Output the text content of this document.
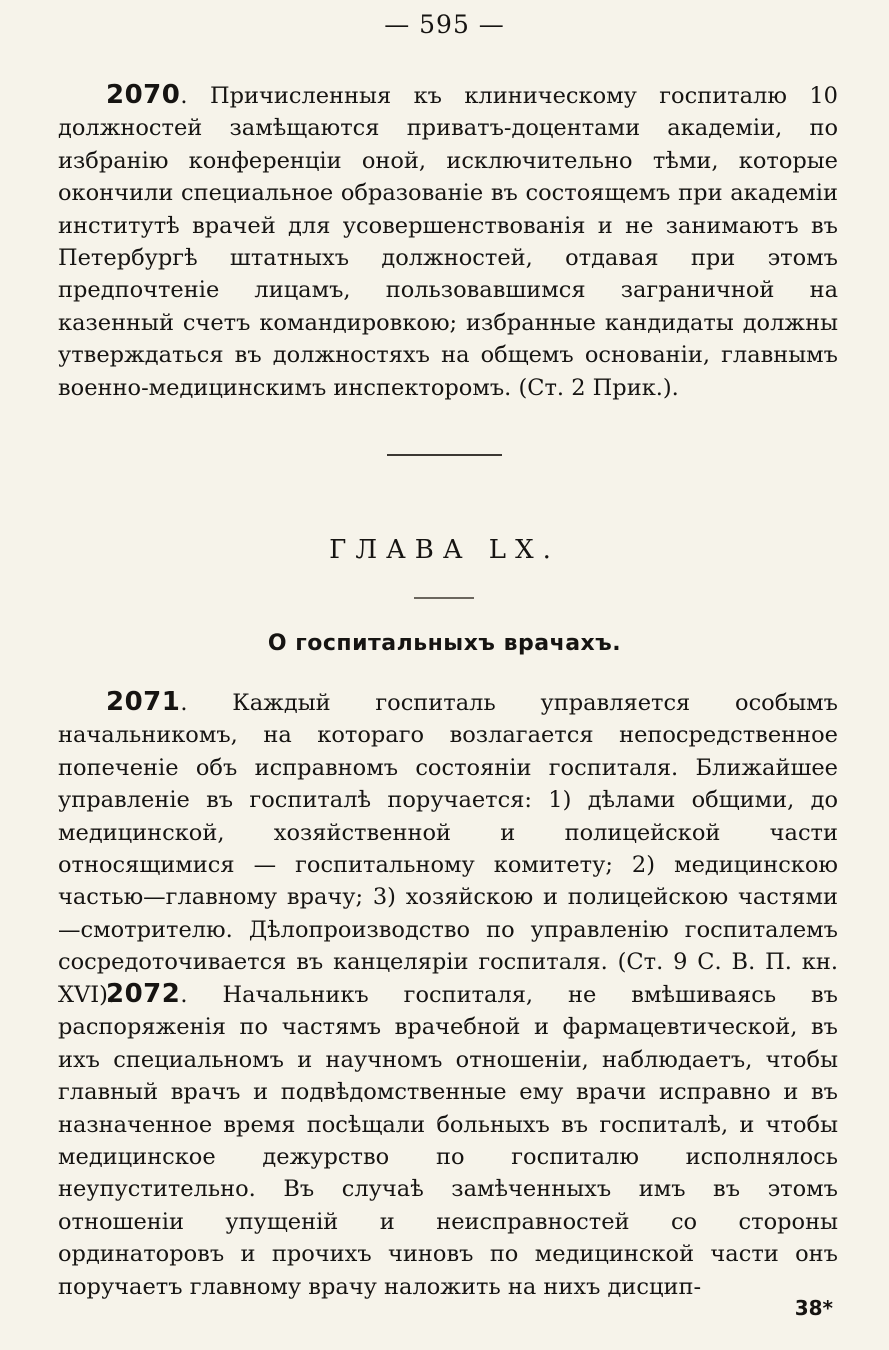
— 595 —
2070. Причисленныя къ клиническому госпиталю 10 должностей замѣщаются приватъ-доцентами академіи, по избранію конференціи оной, исключительно тѣми, которые окончили специальное образованіе въ состоящемъ при академіи институтѣ врачей для усовершенствованія и не занимаютъ въ Петербургѣ штатныхъ должностей, отдавая при этомъ предпочтеніе лицамъ, пользовавшимся заграничной на казенный счетъ командировкою; избранные кандидаты должны утверждаться въ должностяхъ на общемъ основаніи, главнымъ военно-медицинскимъ инспекторомъ. (Ст. 2 Прик.).
ГЛАВА LX.
О госпитальныхъ врачахъ.
2071. Каждый госпиталь управляется особымъ начальникомъ, на котораго возлагается непосредственное попеченіе объ исправномъ состояніи госпиталя. Ближайшее управленіе въ госпиталѣ поручается: 1) дѣлами общими, до медицинской, хозяйственной и полицейской части относящимися — госпитальному комитету; 2) медицинскою частью—главному врачу; 3) хозяйскою и полицейскою частями—смотрителю. Дѣлопроизводство по управленію госпиталемъ сосредоточивается въ канцеляріи госпиталя. (Ст. 9 С. В. П. кн. XVI).
2072. Начальникъ госпиталя, не вмѣшиваясь въ распоряженія по частямъ врачебной и фармацевтической, въ ихъ специальномъ и научномъ отношеніи, наблюдаетъ, чтобы главный врачъ и подвѣдомственные ему врачи исправно и въ назначенное время посѣщали больныхъ въ госпиталѣ, и чтобы медицинское дежурство по госпиталю исполнялось неупустительно. Въ случаѣ замѣченныхъ имъ въ этомъ отношеніи упущеній и неисправностей со стороны ординаторовъ и прочихъ чиновъ по медицинской части онъ поручаетъ главному врачу наложить на нихъ дисцип-
38*
